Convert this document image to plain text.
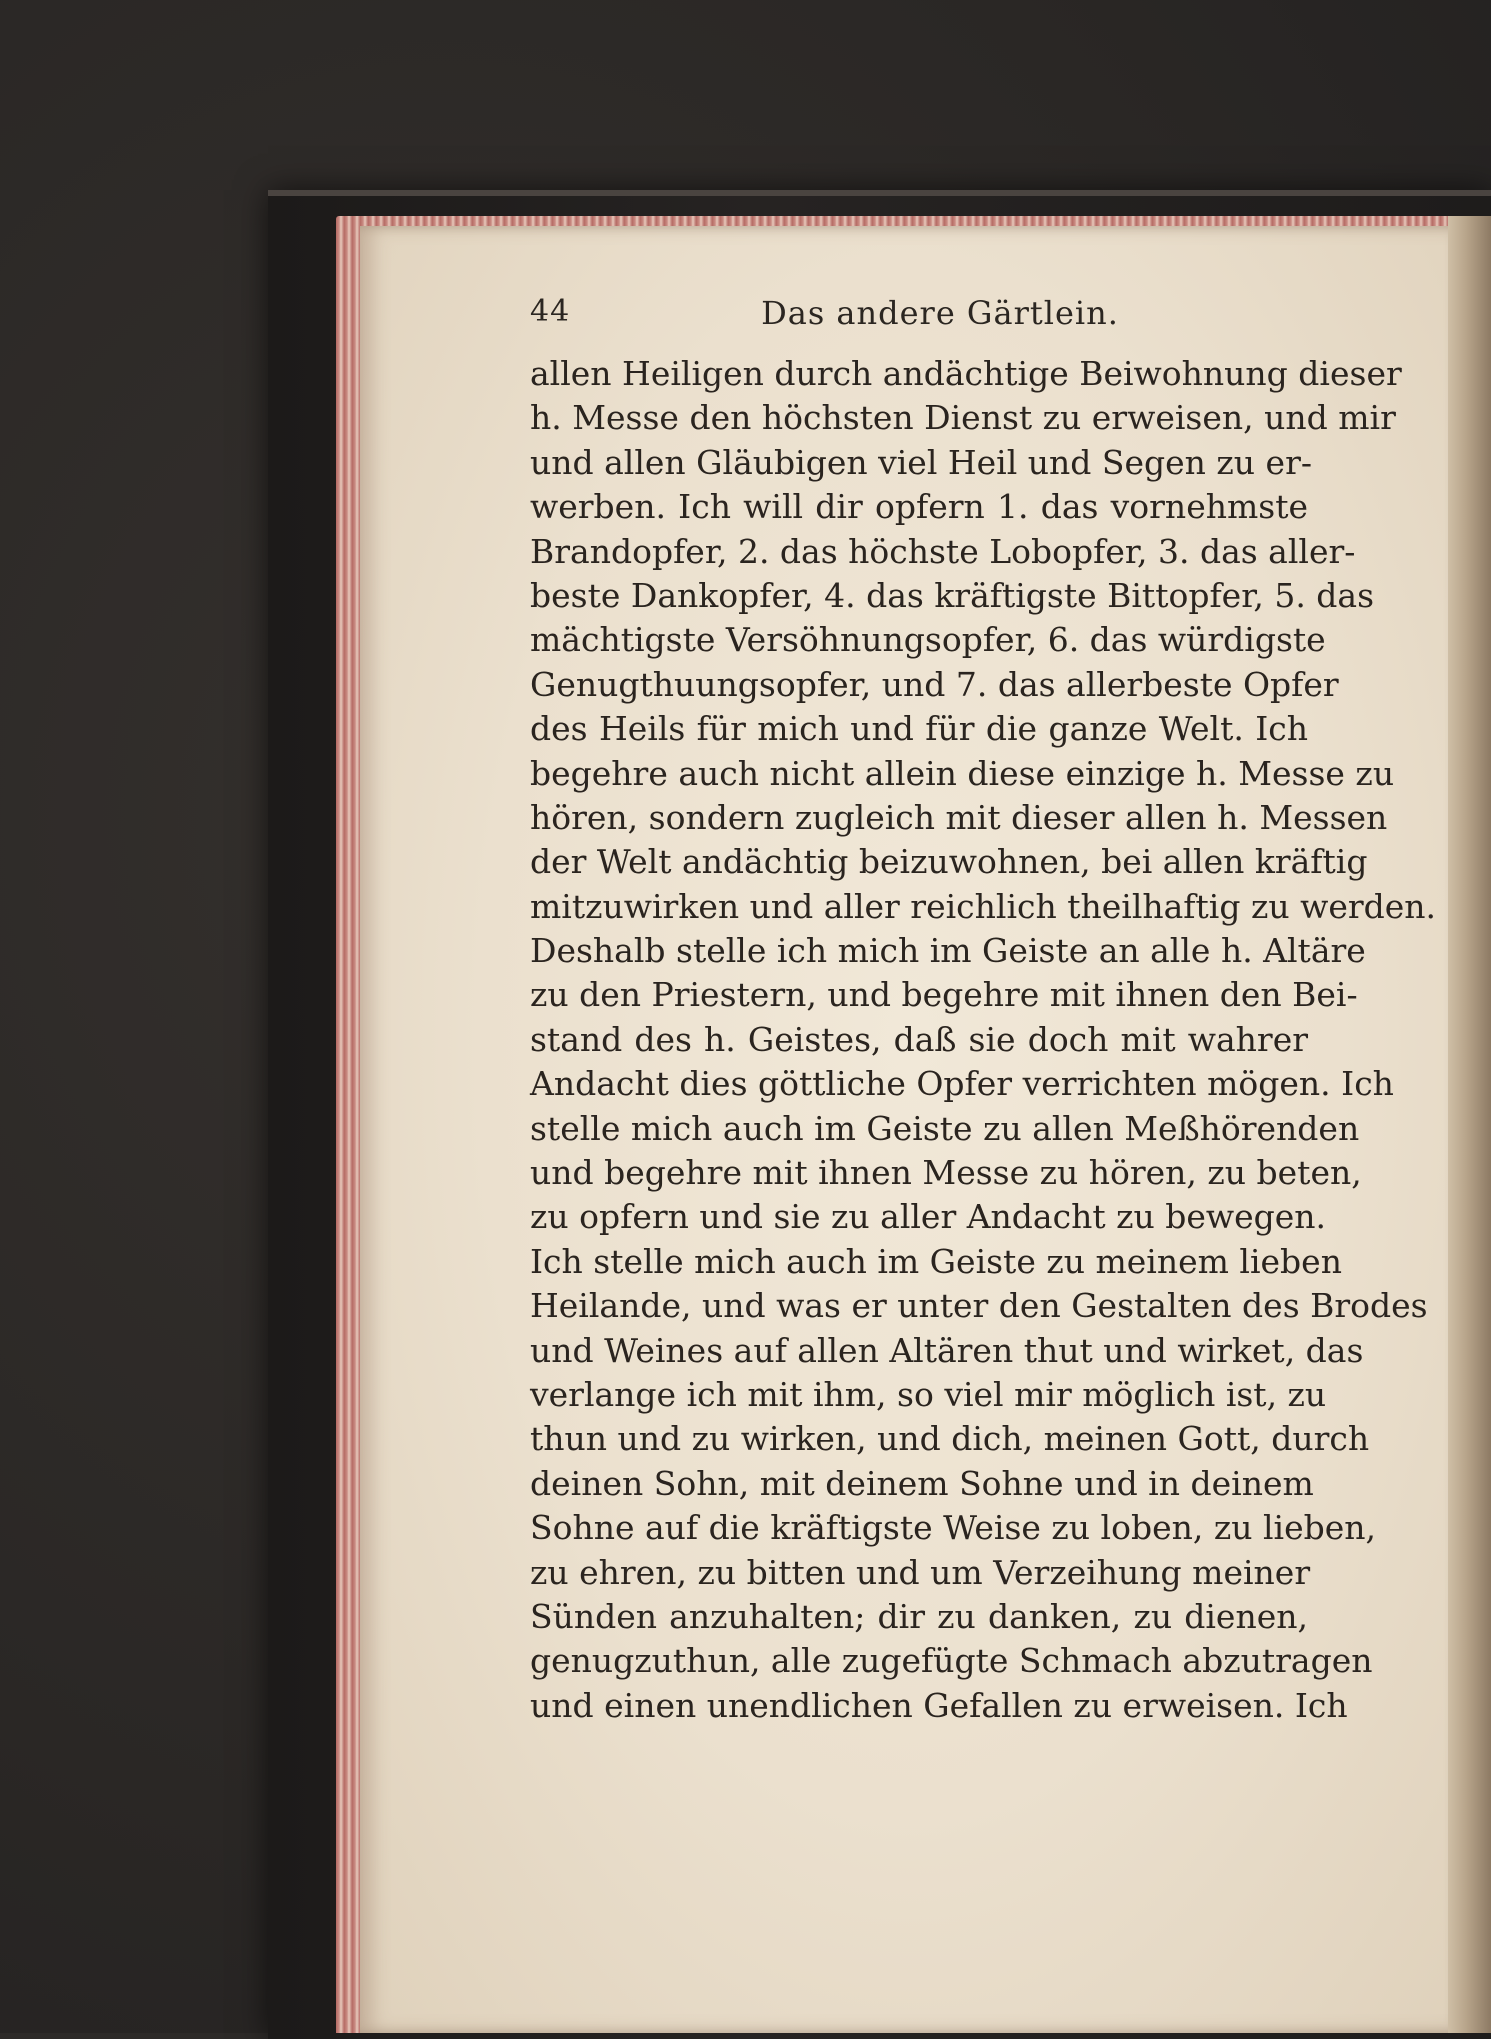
44	Das andere Gärtlein.
allen Heiligen durch andächtige Beiwohnung dieser
h. Messe den höchsten Dienst zu erweisen, und mir
und allen Gläubigen viel Heil und Segen zu er-
werben. Ich will dir opfern 1. das vornehmste
Brandopfer, 2. das höchste Lobopfer, 3. das aller-
beste Dankopfer, 4. das kräftigste Bittopfer, 5. das
mächtigste Versöhnungsopfer, 6. das würdigste
Genugthuungsopfer, und 7. das allerbeste Opfer
des Heils für mich und für die ganze Welt. Ich
begehre auch nicht allein diese einzige h. Messe zu
hören, sondern zugleich mit dieser allen h. Messen
der Welt andächtig beizuwohnen, bei allen kräftig
mitzuwirken und aller reichlich theilhaftig zu werden.
Deshalb stelle ich mich im Geiste an alle h. Altäre
zu den Priestern, und begehre mit ihnen den Bei-
stand des h. Geistes, daß sie doch mit wahrer
Andacht dies göttliche Opfer verrichten mögen. Ich
stelle mich auch im Geiste zu allen Meßhörenden
und begehre mit ihnen Messe zu hören, zu beten,
zu opfern und sie zu aller Andacht zu bewegen.
Ich stelle mich auch im Geiste zu meinem lieben
Heilande, und was er unter den Gestalten des Brodes
und Weines auf allen Altären thut und wirket, das
verlange ich mit ihm, so viel mir möglich ist, zu
thun und zu wirken, und dich, meinen Gott, durch
deinen Sohn, mit deinem Sohne und in deinem
Sohne auf die kräftigste Weise zu loben, zu lieben,
zu ehren, zu bitten und um Verzeihung meiner
Sünden anzuhalten; dir zu danken, zu dienen,
genugzuthun, alle zugefügte Schmach abzutragen
und einen unendlichen Gefallen zu erweisen. Ich
